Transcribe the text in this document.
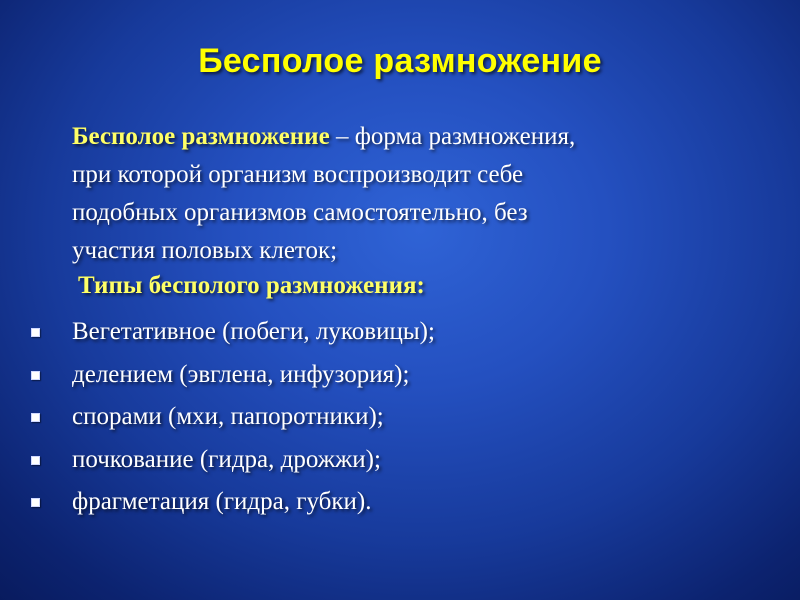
Бесполое размножение
Бесполое размножение – форма размножения,
при которой организм воспроизводит себе
подобных организмов самостоятельно, без
участия половых клеток;
Типы бесполого размножения:
Вегетативное (побеги, луковицы);
делением (эвглена, инфузория);
спорами (мхи, папоротники);
почкование (гидра, дрожжи);
фрагметация (гидра, губки).
